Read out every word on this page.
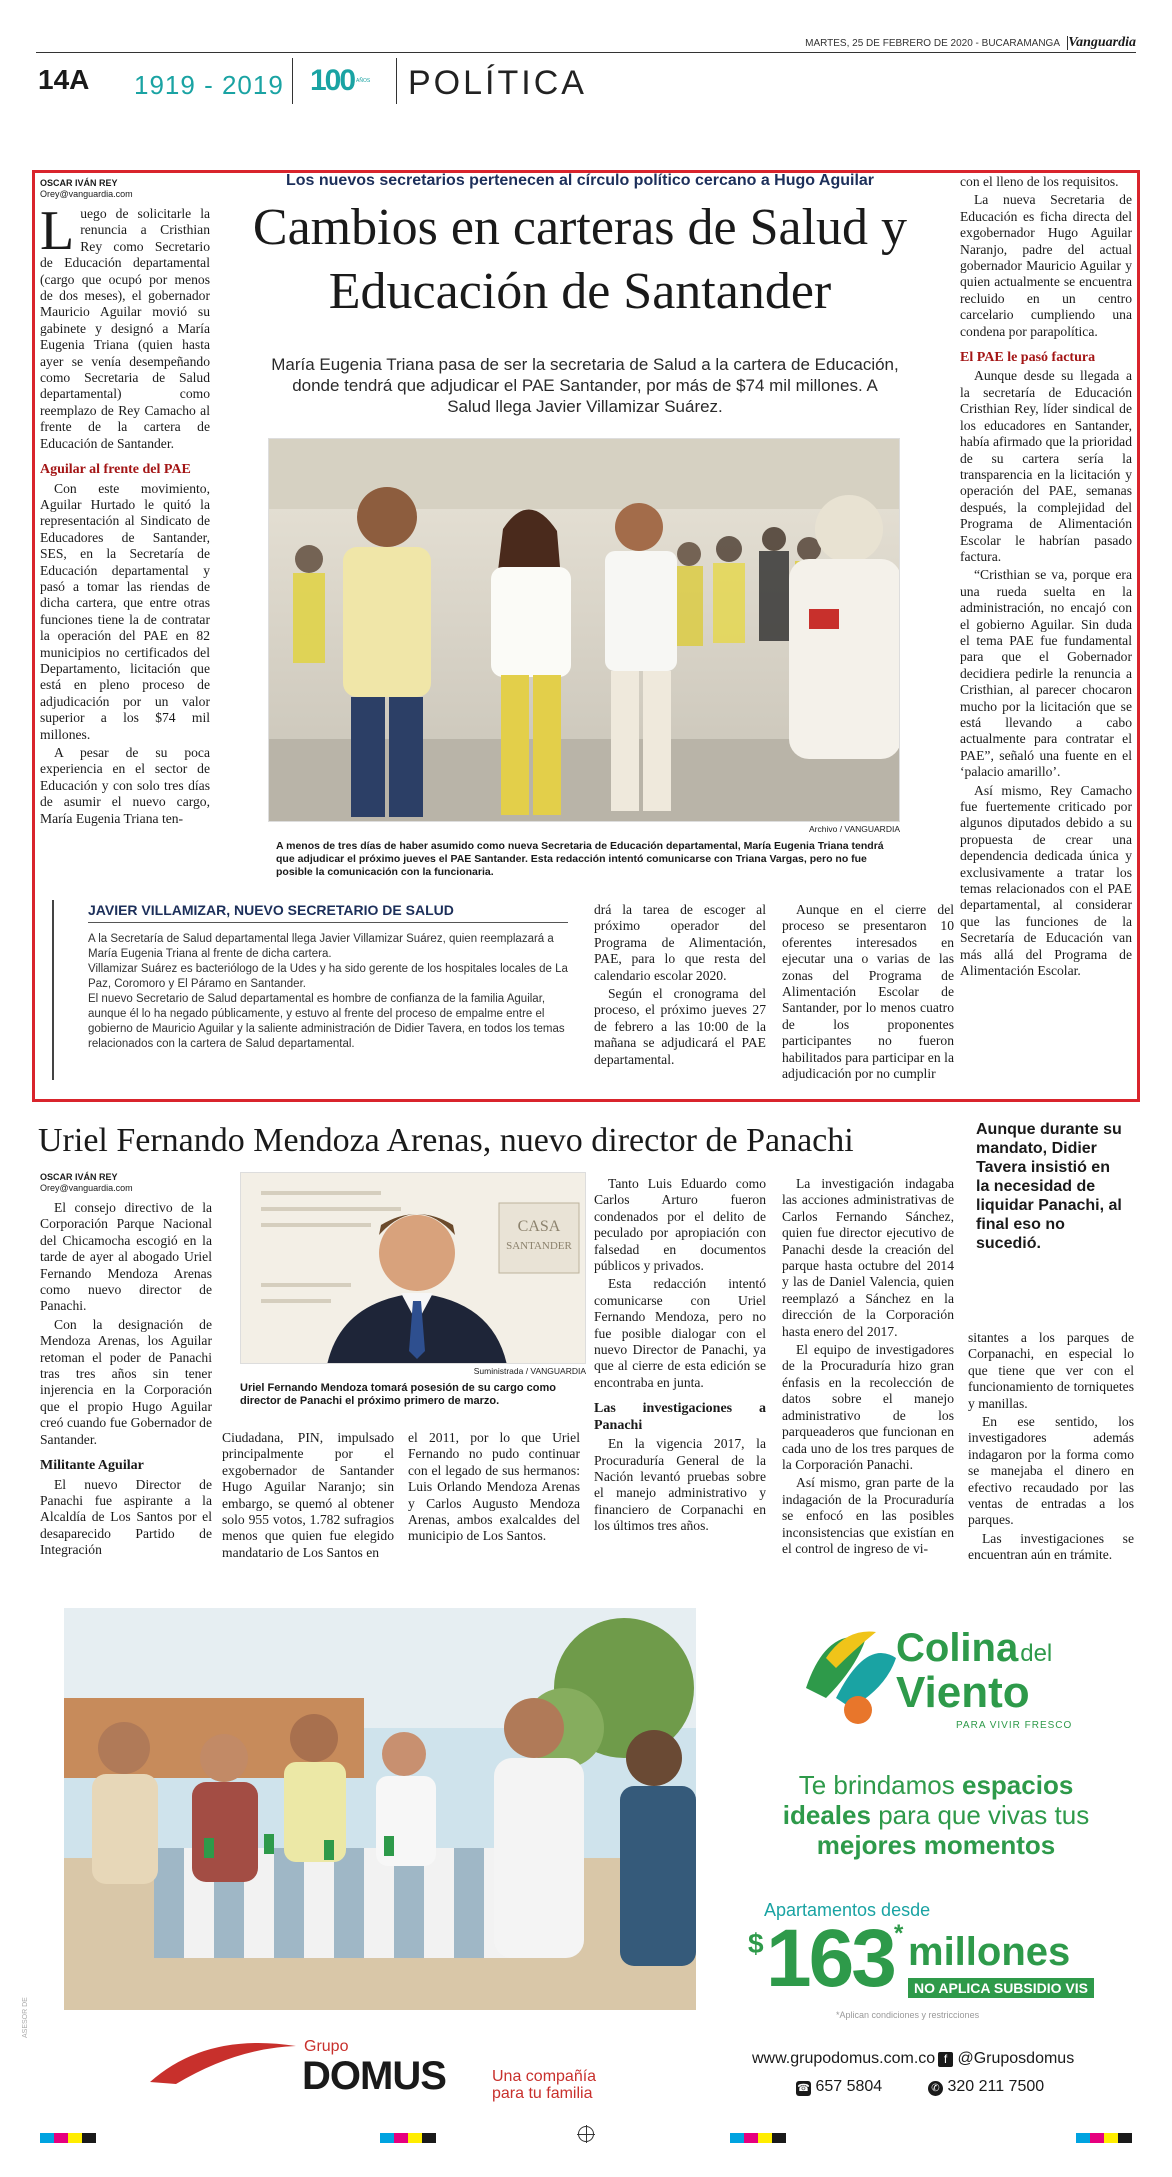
MARTES, 25 DE FEBRERO DE 2020 - BUCARAMANGA Vanguardia
14A 1919 - 2019 100 AÑOS POLÍTICA
OSCAR IVÁN REY
Orey@vanguardia.com

Luego de solicitarle la renuncia a Cristhian Rey como Secretario de Educación departamental (cargo que ocupó por menos de dos meses), el gobernador Mauricio Aguilar movió su gabinete y designó a María Eugenia Triana (quien hasta ayer se venía desempeñando como Secretaria de Salud departamental) como reemplazo de Rey Camacho al frente de la cartera de Educación de Santander.

Aguilar al frente del PAE

Con este movimiento, Aguilar Hurtado le quitó la representación al Sindicato de Educadores de Santander, SES, en la Secretaría de Educación departamental y pasó a tomar las riendas de dicha cartera, que entre otras funciones tiene la de contratar la operación del PAE en 82 municipios no certificados del Departamento, licitación que está en pleno proceso de adjudicación por un valor superior a los $74 mil millones.

A pesar de su poca experiencia en el sector de Educación y con solo tres días de asumir el nuevo cargo, María Eugenia Triana ten-

Los nuevos secretarios pertenecen al círculo político cercano a Hugo Aguilar
Cambios en carteras de Salud y Educación de Santander
María Eugenia Triana pasa de ser la secretaria de Salud a la cartera de Educación, donde tendrá que adjudicar el PAE Santander, por más de $74 mil millones. A Salud llega Javier Villamizar Suárez.
Archivo / VANGUARDIA
A menos de tres días de haber asumido como nueva Secretaria de Educación departamental, María Eugenia Triana tendrá que adjudicar el próximo jueves el PAE Santander. Esta redacción intentó comunicarse con Triana Vargas, pero no fue posible la comunicación con la funcionaria.
JAVIER VILLAMIZAR, NUEVO SECRETARIO DE SALUD

A la Secretaría de Salud departamental llega Javier Villamizar Suárez, quien reemplazará a María Eugenia Triana al frente de dicha cartera.

Villamizar Suárez es bacteriólogo de la Udes y ha sido gerente de los hospitales locales de La Paz, Coromoro y El Páramo en Santander.

El nuevo Secretario de Salud departamental es hombre de confianza de la familia Aguilar, aunque él lo ha negado públicamente, y estuvo al frente del proceso de empalme entre el gobierno de Mauricio Aguilar y la saliente administración de Didier Tavera, en todos los temas relacionados con la cartera de Salud departamental.

drá la tarea de escoger al próximo operador del Programa de Alimentación, PAE, para lo que resta del calendario escolar 2020.

Según el cronograma del proceso, el próximo jueves 27 de febrero a las 10:00 de la mañana se adjudicará el PAE departamental.

Aunque en el cierre del proceso se presentaron 10 oferentes interesados en ejecutar una o varias de las zonas del Programa de Alimentación Escolar de Santander, por lo menos cuatro de los proponentes participantes no fueron habilitados para participar en la adjudicación por no cumplir

con el lleno de los requisitos.

La nueva Secretaria de Educación es ficha directa del exgobernador Hugo Aguilar Naranjo, padre del actual gobernador Mauricio Aguilar y quien actualmente se encuentra recluido en un centro carcelario cumpliendo una condena por parapolítica.

El PAE le pasó factura

Aunque desde su llegada a la secretaría de Educación Cristhian Rey, líder sindical de los educadores en Santander, había afirmado que la prioridad de su cartera sería la transparencia en la licitación y operación del PAE, semanas después, la complejidad del Programa de Alimentación Escolar le habrían pasado factura.

“Cristhian se va, porque era una rueda suelta en la administración, no encajó con el gobierno Aguilar. Sin duda el tema PAE fue fundamental para que el Gobernador decidiera pedirle la renuncia a Cristhian, al parecer chocaron mucho por la licitación que se está llevando a cabo actualmente para contratar el PAE”, señaló una fuente en el ‘palacio amarillo’.

Así mismo, Rey Camacho fue fuertemente criticado por algunos diputados debido a su propuesta de crear una dependencia dedicada única y exclusivamente a tratar los temas relacionados con el PAE departamental, al considerar que las funciones de la Secretaría de Educación van más allá del Programa de Alimentación Escolar.

Uriel Fernando Mendoza Arenas, nuevo director de Panachi
OSCAR IVÁN REY
Orey@vanguardia.com

El consejo directivo de la Corporación Parque Nacional del Chicamocha escogió en la tarde de ayer al abogado Uriel Fernando Mendoza Arenas como nuevo director de Panachi.

Con la designación de Mendoza Arenas, los Aguilar retoman el poder de Panachi tras tres años sin tener injerencia en la Corporación que el propio Hugo Aguilar creó cuando fue Gobernador de Santander.

Militante Aguilar

El nuevo Director de Panachi fue aspirante a la Alcaldía de Los Santos por el desaparecido Partido de Integración

CASA
SANTANDER
Suministrada / VANGUARDIA
Uriel Fernando Mendoza tomará posesión de su cargo como director de Panachi el próximo primero de marzo.

Ciudadana, PIN, impulsado principalmente por el exgobernador de Santander Hugo Aguilar Naranjo; sin embargo, se quemó al obtener solo 955 votos, 1.782 sufragios menos que quien fue elegido mandatario de Los Santos en

el 2011, por lo que Uriel Fernando no pudo continuar con el legado de sus hermanos: Luis Orlando Mendoza Arenas y Carlos Augusto Mendoza Arenas, ambos exalcaldes del municipio de Los Santos.

Tanto Luis Eduardo como Carlos Arturo fueron condenados por el delito de peculado por apropiación con falsedad en documentos públicos y privados.

Esta redacción intentó comunicarse con Uriel Fernando Mendoza, pero no fue posible dialogar con el nuevo Director de Panachi, ya que al cierre de esta edición se encontraba en junta.

Las investigaciones a Panachi

En la vigencia 2017, la Procuraduría General de la Nación levantó pruebas sobre el manejo administrativo y financiero de Corpanachi en los últimos tres años.

La investigación indagaba las acciones administrativas de Carlos Fernando Sánchez, quien fue director ejecutivo de Panachi desde la creación del parque hasta octubre del 2014 y las de Daniel Valencia, quien reemplazó a Sánchez en la dirección de la Corporación hasta enero del 2017.

El equipo de investigadores de la Procuraduría hizo gran énfasis en la recolección de datos sobre el manejo administrativo de los parqueaderos que funcionan en cada uno de los tres parques de la Corporación Panachi.

Así mismo, gran parte de la indagación de la Procuraduría se enfocó en las posibles inconsistencias que existían en el control de ingreso de vi-

Aunque durante su mandato, Didier Tavera insistió en la necesidad de liquidar Panachi, al final eso no sucedió.

sitantes a los parques de Corpanachi, en especial lo que tiene que ver con el funcionamiento de torniquetes y manillas.

En ese sentido, los investigadores además indagaron por la forma como se manejaba el dinero en efectivo recaudado por las ventas de entradas a los parques.

Las investigaciones se encuentran aún en trámite.

Colinadel
Viento
PARA VIVIR FRESCO
Te brindamos espacios
ideales para que vivas tus
mejores momentos
Apartamentos desde
$ 163 * millones
NO APLICA SUBSIDIO VIS
*Aplican condiciones y restricciones
Grupo
DOMUS	Una compañía
para tu familia
www.grupodomus.com.co f @Gruposdomus
☎ 657 5804	✆ 320 211 7500
ASESOR DE
